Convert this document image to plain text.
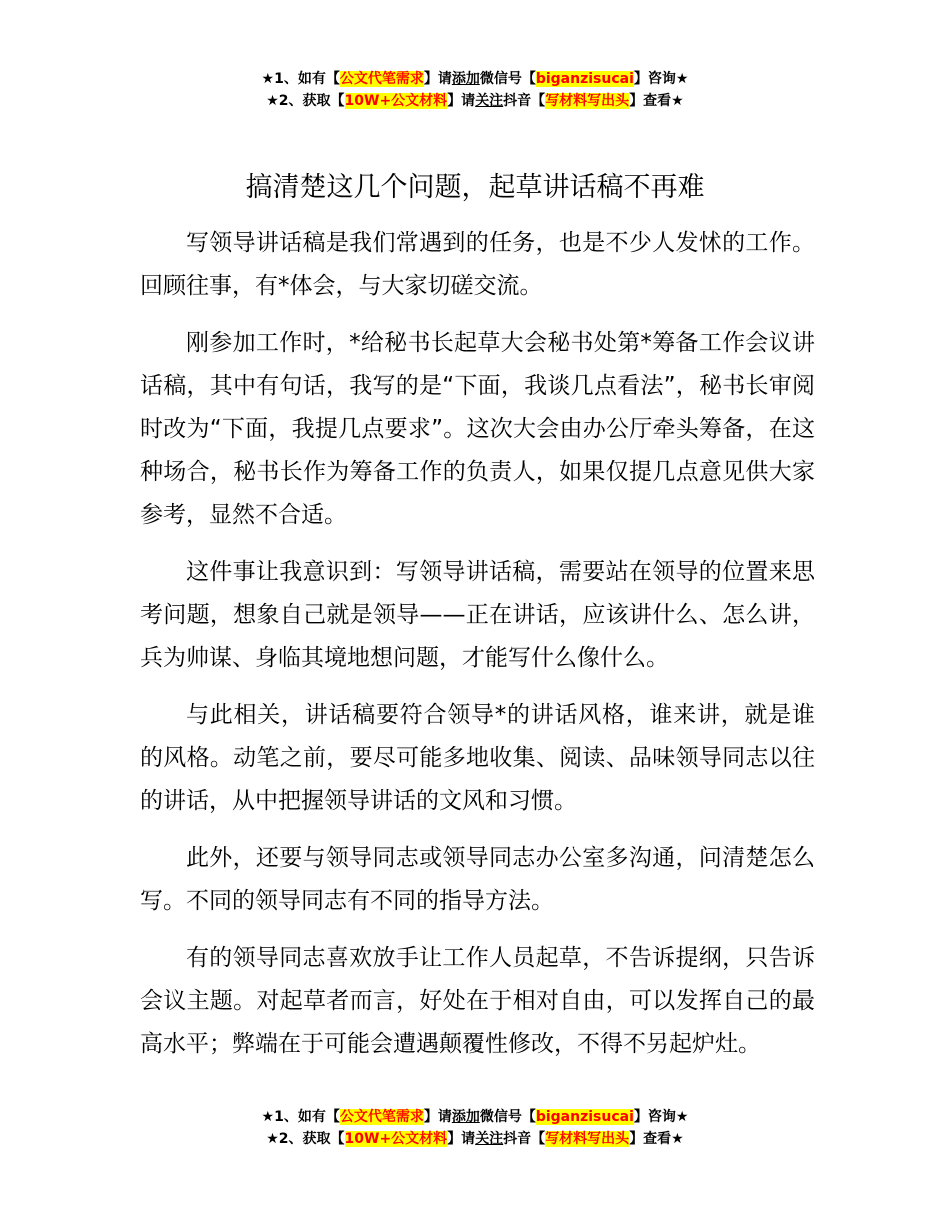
★1、如有【公文代笔需求】请添加微信号【biganzisucai】咨询★
★2、获取【10W+公文材料】请关注抖音【写材料写出头】查看★
搞清楚这几个问题，起草讲话稿不再难

写领导讲话稿是我们常遇到的任务，也是不少人发怵的工作。回顾往事，有*体会，与大家切磋交流。

刚参加工作时，*给秘书长起草大会秘书处第*筹备工作会议讲话稿，其中有句话，我写的是“下面，我谈几点看法”，秘书长审阅时改为“下面，我提几点要求”。这次大会由办公厅牵头筹备，在这种场合，秘书长作为筹备工作的负责人，如果仅提几点意见供大家参考，显然不合适。

这件事让我意识到：写领导讲话稿，需要站在领导的位置来思考问题，想象自己就是领导——正在讲话，应该讲什么、怎么讲，兵为帅谋、身临其境地想问题，才能写什么像什么。

与此相关，讲话稿要符合领导*的讲话风格，谁来讲，就是谁的风格。动笔之前，要尽可能多地收集、阅读、品味领导同志以往的讲话，从中把握领导讲话的文风和习惯。

此外，还要与领导同志或领导同志办公室多沟通，问清楚怎么写。不同的领导同志有不同的指导方法。

有的领导同志喜欢放手让工作人员起草，不告诉提纲，只告诉会议主题。对起草者而言，好处在于相对自由，可以发挥自己的最高水平；弊端在于可能会遭遇颠覆性修改，不得不另起炉灶。

★1、如有【公文代笔需求】请添加微信号【biganzisucai】咨询★
★2、获取【10W+公文材料】请关注抖音【写材料写出头】查看★
